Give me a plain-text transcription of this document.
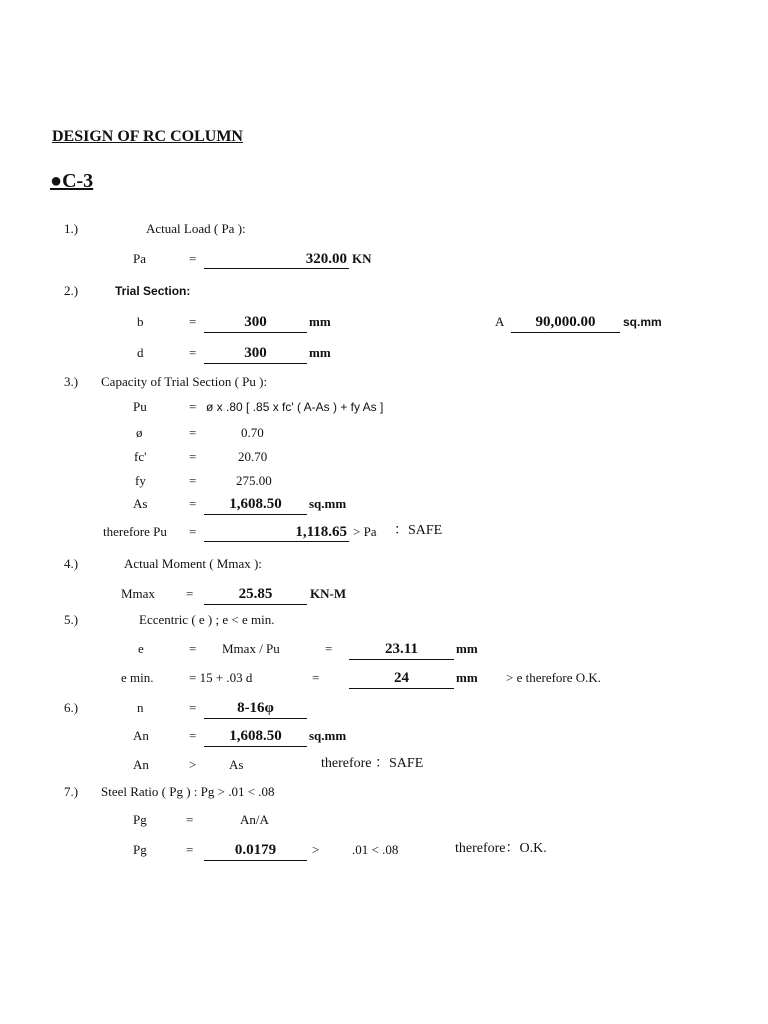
DESIGN OF RC COLUMN
●C-3
1.)	Actual Load ( Pa ):
Pa	=	320.00 KN
2.)	Trial Section:
b	=	300	mm	A	90,000.00	sq.mm
d	=	300	mm
3.) Capacity of Trial Section ( Pu ):
Pu	= ø x .80 [ .85 x fc' ( A-As ) + fy As ]
ø	=	0.70
fc'	=	20.70
fy	=	275.00
As	=	1,608.50	sq.mm
therefore Pu =	1,118.65 > Pa ：SAFE
4.)	Actual Moment ( Mmax ):
Mmax =	25.85	KN-M
5.)	Eccentric ( e ) ; e < e min.
e	= Mmax / Pu	=	23.11	mm
e min.	= 15 + .03 d	=	24	mm > e therefore O.K.
6.)	n	=	8-16φ
An	=	1,608.50	sq.mm
An	>	As	therefore ：SAFE
7.) Steel Ratio ( Pg ) : Pg > .01 < .08
Pg	=	An/A
Pg	=	0.0179	>	.01 < .08	therefore：O.K.
